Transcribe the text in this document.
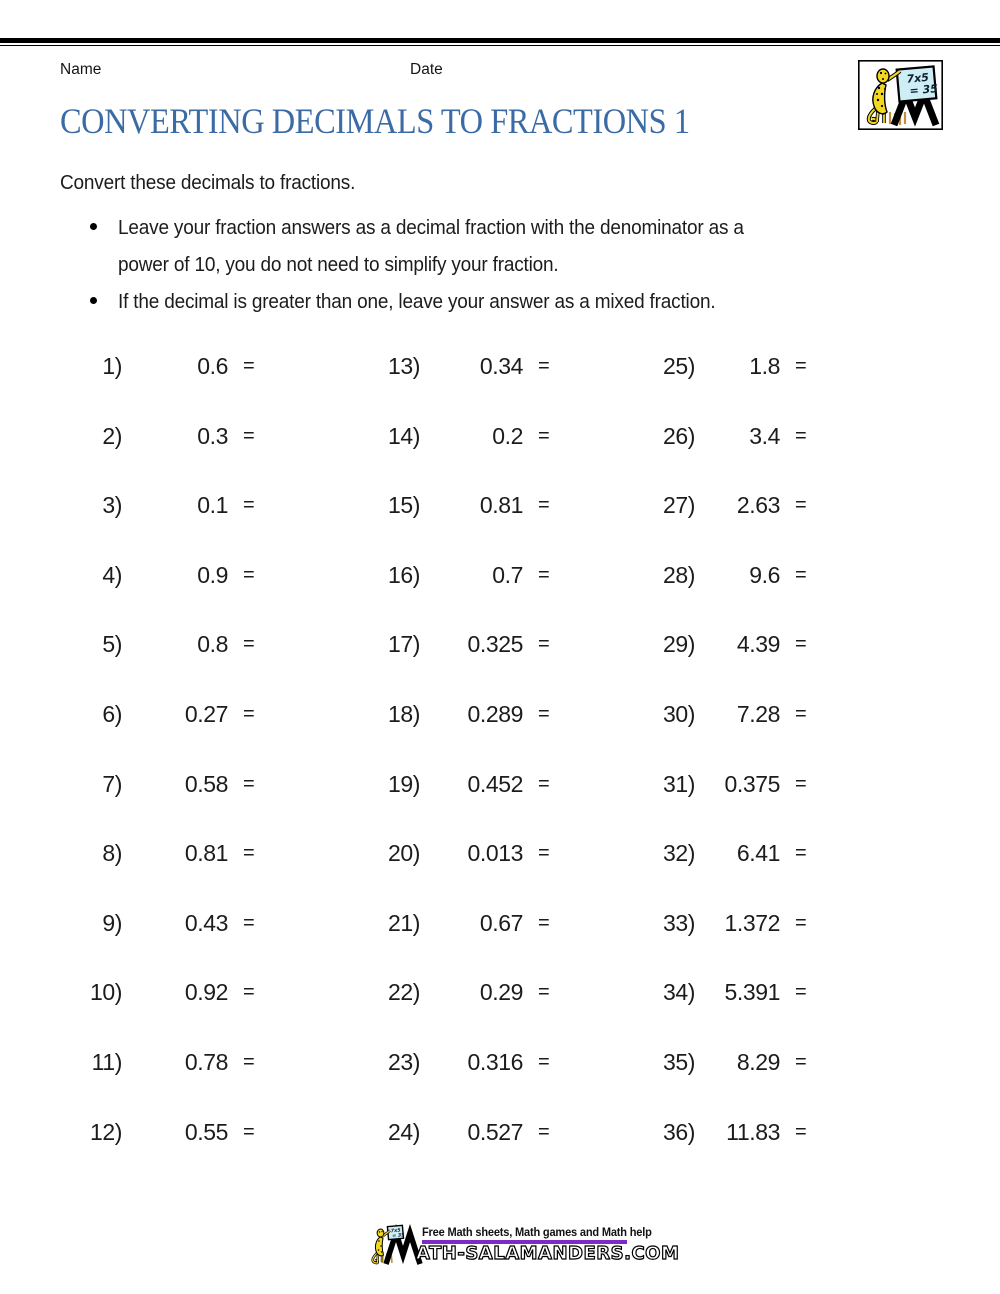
Name	Date
7x5
= 35
CONVERTING DECIMALS TO FRACTIONS 1
Convert these decimals to fractions.
Leave your fraction answers as a decimal fraction with the denominator as a
power of 10, you do not need to simplify your fraction.
If the decimal is greater than one, leave your answer as a mixed fraction.
1)	0.6 =
2)	0.3 =
3)	0.1 =
4)	0.9 =
5)	0.8 =
6)	0.27 =
7)	0.58 =
8)	0.81 =
9)	0.43 =
10)	0.92 =
11)	0.78 =
12)	0.55 =
13)	0.34 =
14)	0.2 =
15)	0.81 =
16)	0.7 =
17)	0.325 =
18)	0.289 =
19)	0.452 =
20)	0.013 =
21)	0.67 =
22)	0.29 =
23)	0.316 =
24)	0.527 =
25)	1.8 =
26)	3.4 =
27)	2.63 =
28)	9.6 =
29)	4.39 =
30)	7.28 =
31)	0.375 =
32)	6.41 =
33)	1.372 =
34)	5.391 =
35)	8.29 =
36)	11.83 =
7x5
= 35 Free Math sheets, Math games and Math help
ATH-SALAMANDERS.COM
